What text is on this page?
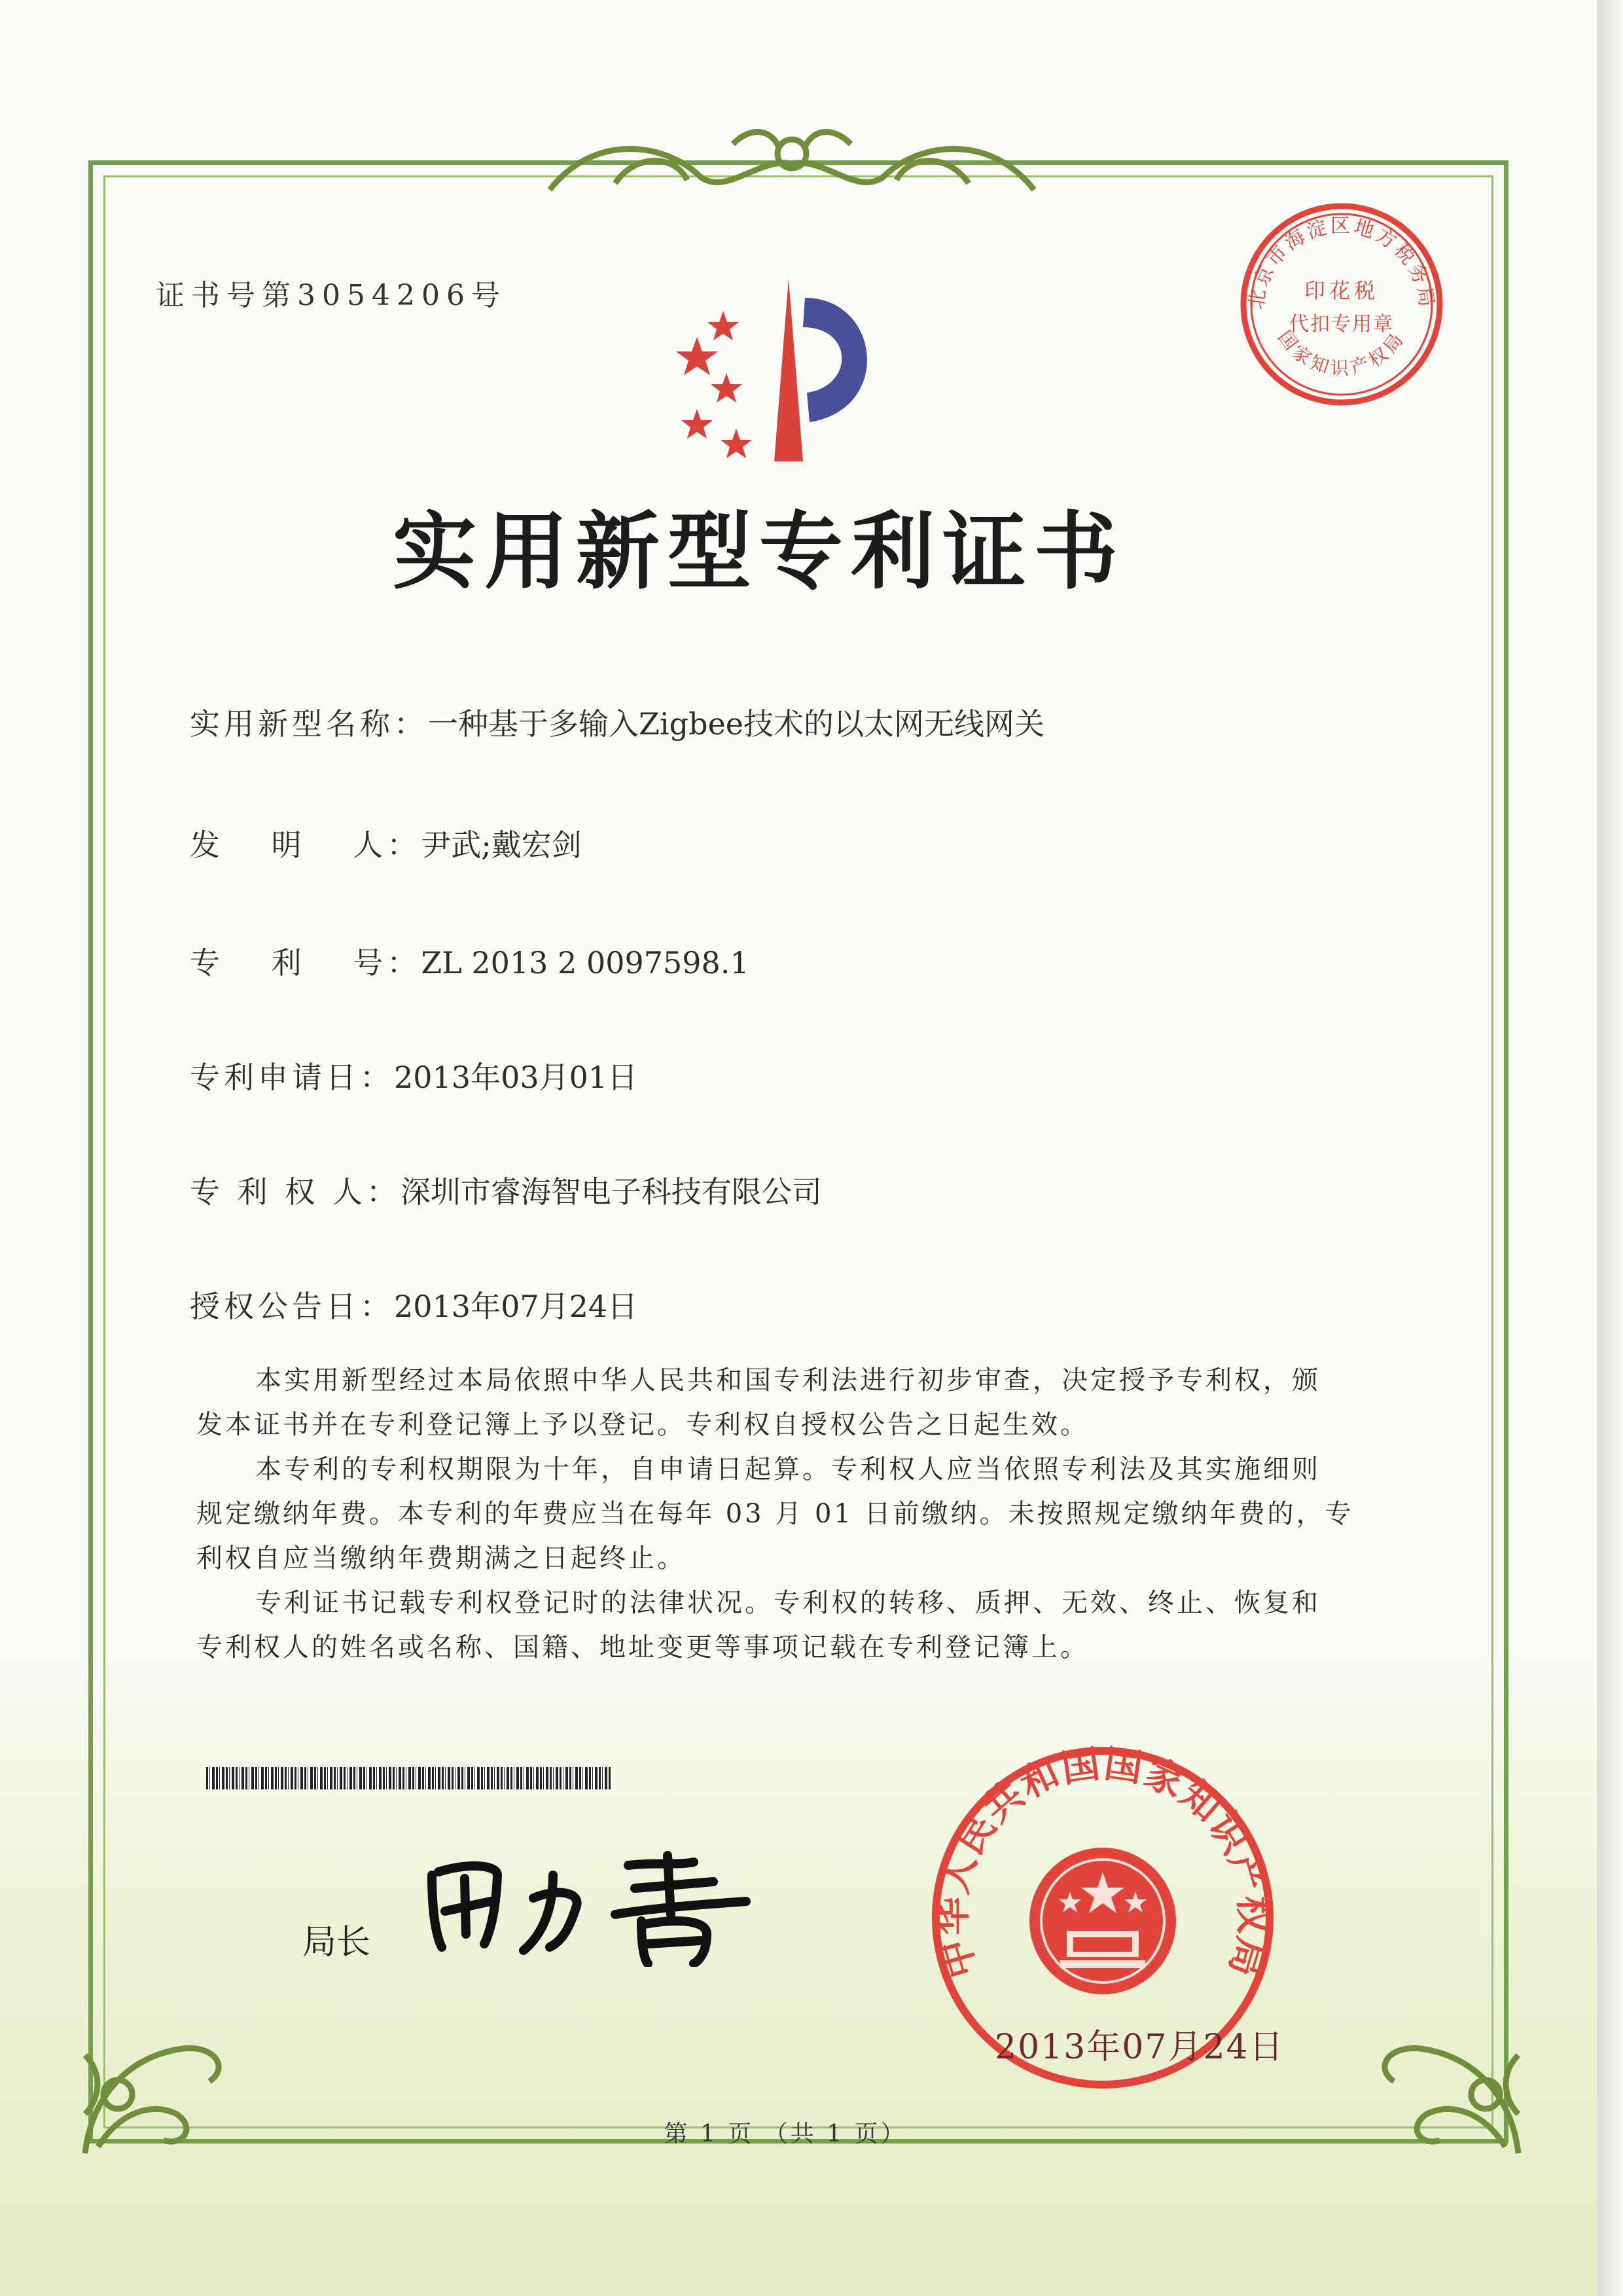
证书号第3054206号	北京市海淀区地方税务局
印花税
代扣专用章
国家知识产权局
实用新型专利证书
实用新型名称：一种基于多输入Zigbee技术的以太网无线网关
发　 明　 人：尹武;戴宏剑
专　 利　 号：ZL 2013 2 0097598.1
专利申请日：2013年03月01日
专 利 权 人：深圳市睿海智电子科技有限公司
授权公告日：2013年07月24日

本实用新型经过本局依照中华人民共和国专利法进行初步审查，决定授予专利权，颁

发本证书并在专利登记簿上予以登记。专利权自授权公告之日起生效。

本专利的专利权期限为十年，自申请日起算。专利权人应当依照专利法及其实施细则

规定缴纳年费。本专利的年费应当在每年 03 月 01 日前缴纳。未按照规定缴纳年费的，专

利权自应当缴纳年费期满之日起终止。

专利证书记载专利权登记时的法律状况。专利权的转移、质押、无效、终止、恢复和

专利权人的姓名或名称、国籍、地址变更等事项记载在专利登记簿上。

局长	中华人民共和国国家知识产权局
2013年07月24日
第 1 页 （共 1 页）
